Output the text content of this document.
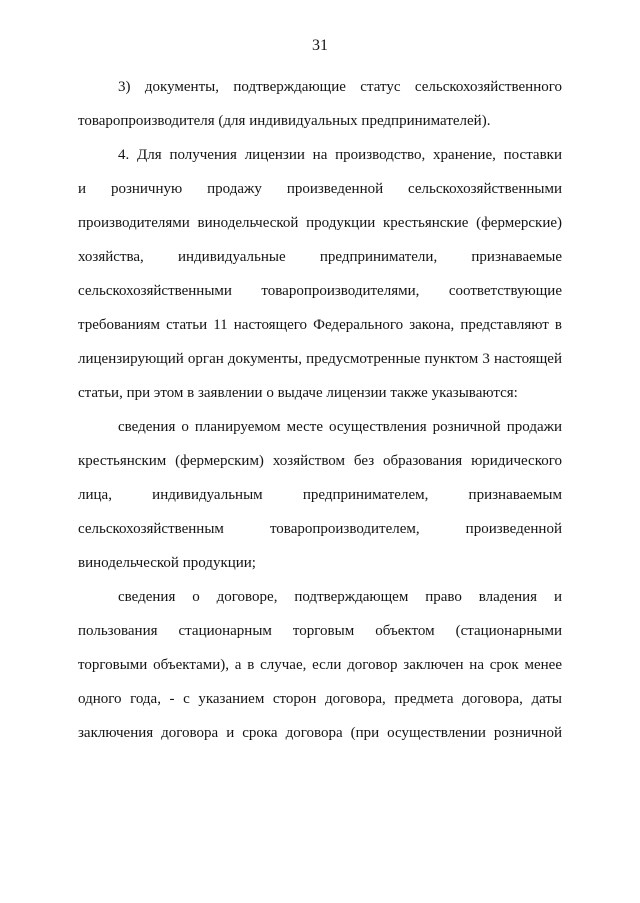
31
3) документы, подтверждающие статус сельскохозяйственного
товаропроизводителя (для индивидуальных предпринимателей).
4. Для получения лицензии на производство, хранение, поставки
и розничную продажу произведенной сельскохозяйственными
производителями винодельческой продукции крестьянские (фермерские)
хозяйства, индивидуальные предприниматели, признаваемые
сельскохозяйственными товаропроизводителями, соответствующие
требованиям статьи 11 настоящего Федерального закона, представляют в
лицензирующий орган документы, предусмотренные пунктом 3 настоящей
статьи, при этом в заявлении о выдаче лицензии также указываются:
сведения о планируемом месте осуществления розничной продажи
крестьянским (фермерским) хозяйством без образования юридического
лица, индивидуальным предпринимателем, признаваемым
сельскохозяйственным товаропроизводителем, произведенной
винодельческой продукции;
сведения о договоре, подтверждающем право владения и
пользования стационарным торговым объектом (стационарными
торговыми объектами), а в случае, если договор заключен на срок менее
одного года, - с указанием сторон договора, предмета договора, даты
заключения договора и срока договора (при осуществлении розничной
